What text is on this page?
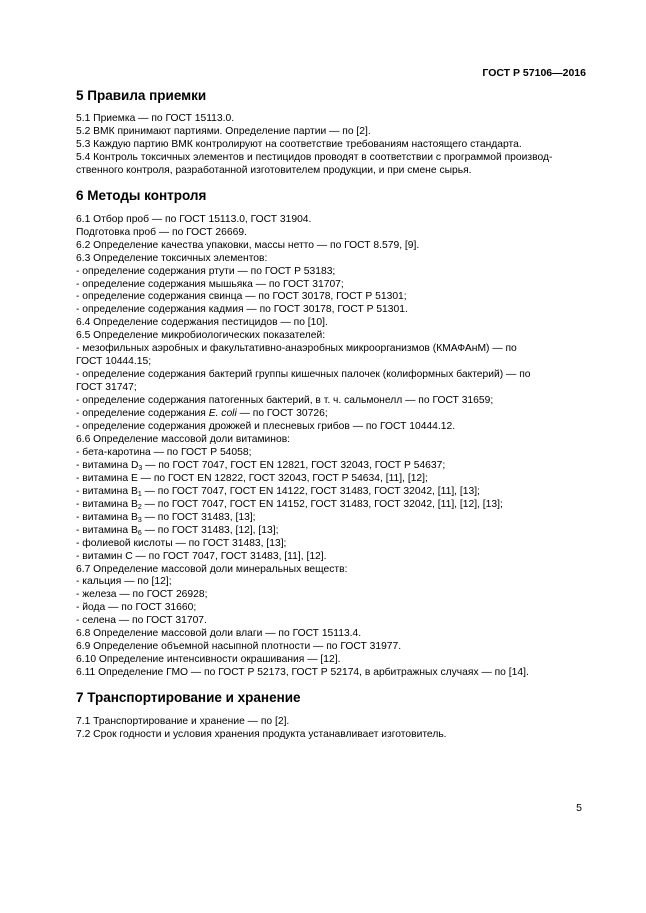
ГОСТ Р 57106—2016
5 Правила приемки

5.1 Приемка — по ГОСТ 15113.0.

5.2 ВМК принимают партиями. Определение партии — по [2].

5.3 Каждую партию ВМК контролируют на соответствие требованиям настоящего стандарта.

5.4 Контроль токсичных элементов и пестицидов проводят в соответствии с программой производ-

ственного контроля, разработанной изготовителем продукции, и при смене сырья.

6 Методы контроля

6.1 Отбор проб — по ГОСТ 15113.0, ГОСТ 31904.

Подготовка проб — по ГОСТ 26669.

6.2 Определение качества упаковки, массы нетто — по ГОСТ 8.579, [9].

6.3 Определение токсичных элементов:

- определение содержания ртути — по ГОСТ Р 53183;

- определение содержания мышьяка — по ГОСТ 31707;

- определение содержания свинца — по ГОСТ 30178, ГОСТ Р 51301;

- определение содержания кадмия — по ГОСТ 30178, ГОСТ Р 51301.

6.4 Определение содержания пестицидов — по [10].

6.5 Определение микробиологических показателей:

- мезофильных аэробных и факультативно-анаэробных микроорганизмов (КМАФАнМ) — по

ГОСТ 10444.15;

- определение содержания бактерий группы кишечных палочек (колиформных бактерий) — по

ГОСТ 31747;

- определение содержания патогенных бактерий, в т. ч. сальмонелл — по ГОСТ 31659;

- определение содержания E. coli — по ГОСТ 30726;

- определение содержания дрожжей и плесневых грибов — по ГОСТ 10444.12.

6.6 Определение массовой доли витаминов:

- бета-каротина — по ГОСТ Р 54058;

- витамина $D_3$ — по ГОСТ 7047, ГОСТ EN 12821, ГОСТ 32043, ГОСТ Р 54637;

- витамина E — по ГОСТ EN 12822, ГОСТ 32043, ГОСТ Р 54634, [11], [12];

- витамина $B_1$ — по ГОСТ 7047, ГОСТ EN 14122, ГОСТ 31483, ГОСТ 32042, [11], [13];

- витамина $B_2$ — по ГОСТ 7047, ГОСТ EN 14152, ГОСТ 31483, ГОСТ 32042, [11], [12], [13];

- витамина $B_3$ — по ГОСТ 31483, [13];

- витамина $B_6$ — по ГОСТ 31483, [12], [13];

- фолиевой кислоты — по ГОСТ 31483, [13];

- витамин C — по ГОСТ 7047, ГОСТ 31483, [11], [12].

6.7 Определение массовой доли минеральных веществ:

- кальция — по [12];

- железа — по ГОСТ 26928;

- йода — по ГОСТ 31660;

- селена — по ГОСТ 31707.

6.8 Определение массовой доли влаги — по ГОСТ 15113.4.

6.9 Определение объемной насыпной плотности — по ГОСТ 31977.

6.10 Определение интенсивности окрашивания — [12].

6.11 Определение ГМО — по ГОСТ Р 52173, ГОСТ Р 52174, в арбитражных случаях — по [14].

7 Транспортирование и хранение

7.1 Транспортирование и хранение — по [2].

7.2 Срок годности и условия хранения продукта устанавливает изготовитель.

5
